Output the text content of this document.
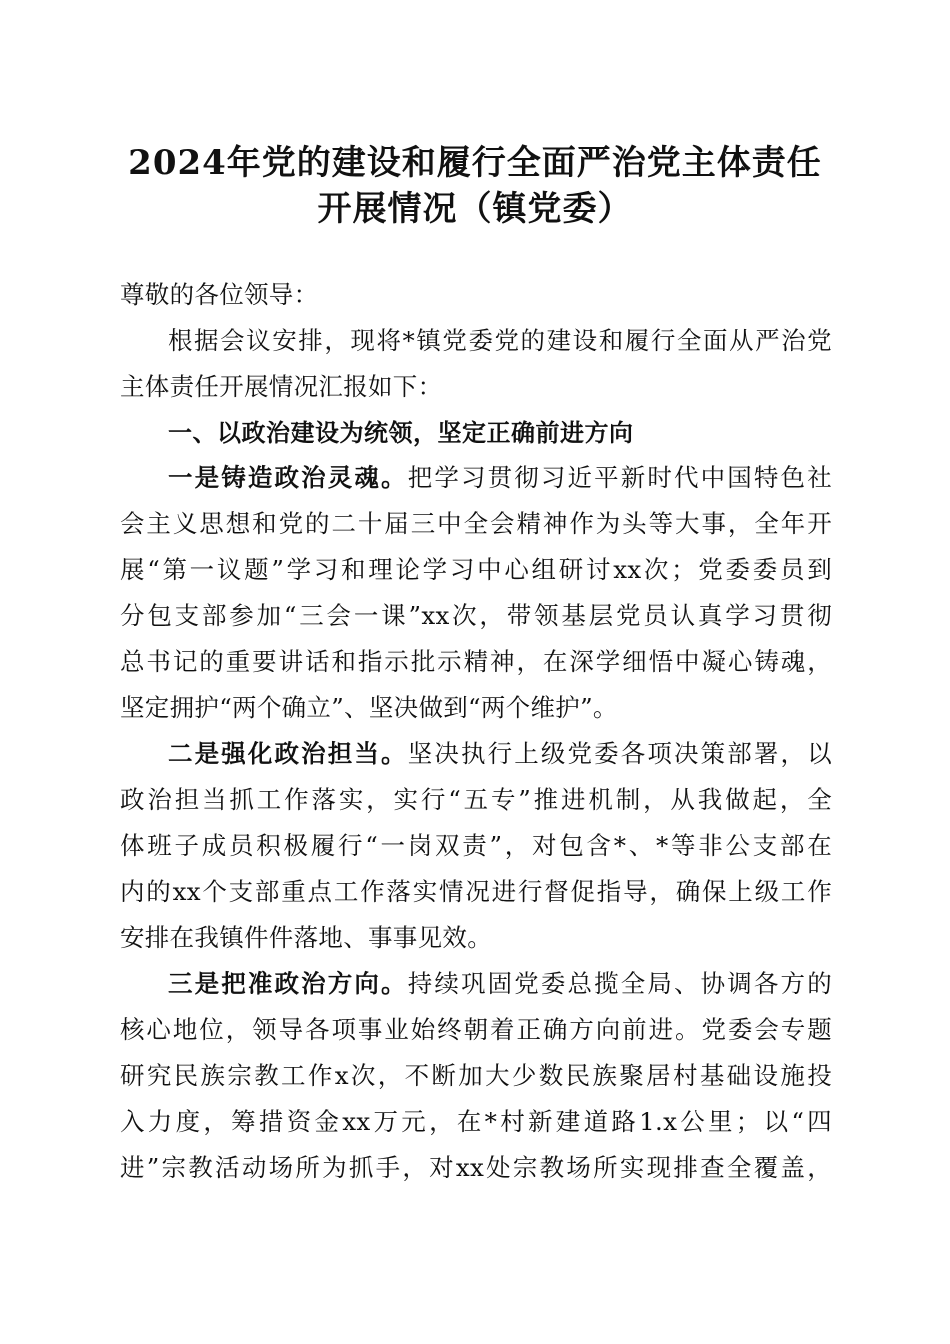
2024年党的建设和履行全面严治党主体责任
开展情况（镇党委）
尊敬的各位领导：
根据会议安排，现将*镇党委党的建设和履行全面从严治党
主体责任开展情况汇报如下：
一、以政治建设为统领，坚定正确前进方向
一是铸造政治灵魂。把学习贯彻习近平新时代中国特色社
会主义思想和党的二十届三中全会精神作为头等大事，全年开
展“第一议题”学习和理论学习中心组研讨xx次；党委委员到
分包支部参加“三会一课”xx次，带领基层党员认真学习贯彻
总书记的重要讲话和指示批示精神，在深学细悟中凝心铸魂，
坚定拥护“两个确立”、坚决做到“两个维护”。
二是强化政治担当。坚决执行上级党委各项决策部署，以
政治担当抓工作落实，实行“五专”推进机制，从我做起，全
体班子成员积极履行“一岗双责”，对包含*、*等非公支部在
内的xx个支部重点工作落实情况进行督促指导，确保上级工作
安排在我镇件件落地、事事见效。
三是把准政治方向。持续巩固党委总揽全局、协调各方的
核心地位，领导各项事业始终朝着正确方向前进。党委会专题
研究民族宗教工作x次，不断加大少数民族聚居村基础设施投
入力度，筹措资金xx万元，在*村新建道路1.x公里；以“四
进”宗教活动场所为抓手，对xx处宗教场所实现排查全覆盖，
